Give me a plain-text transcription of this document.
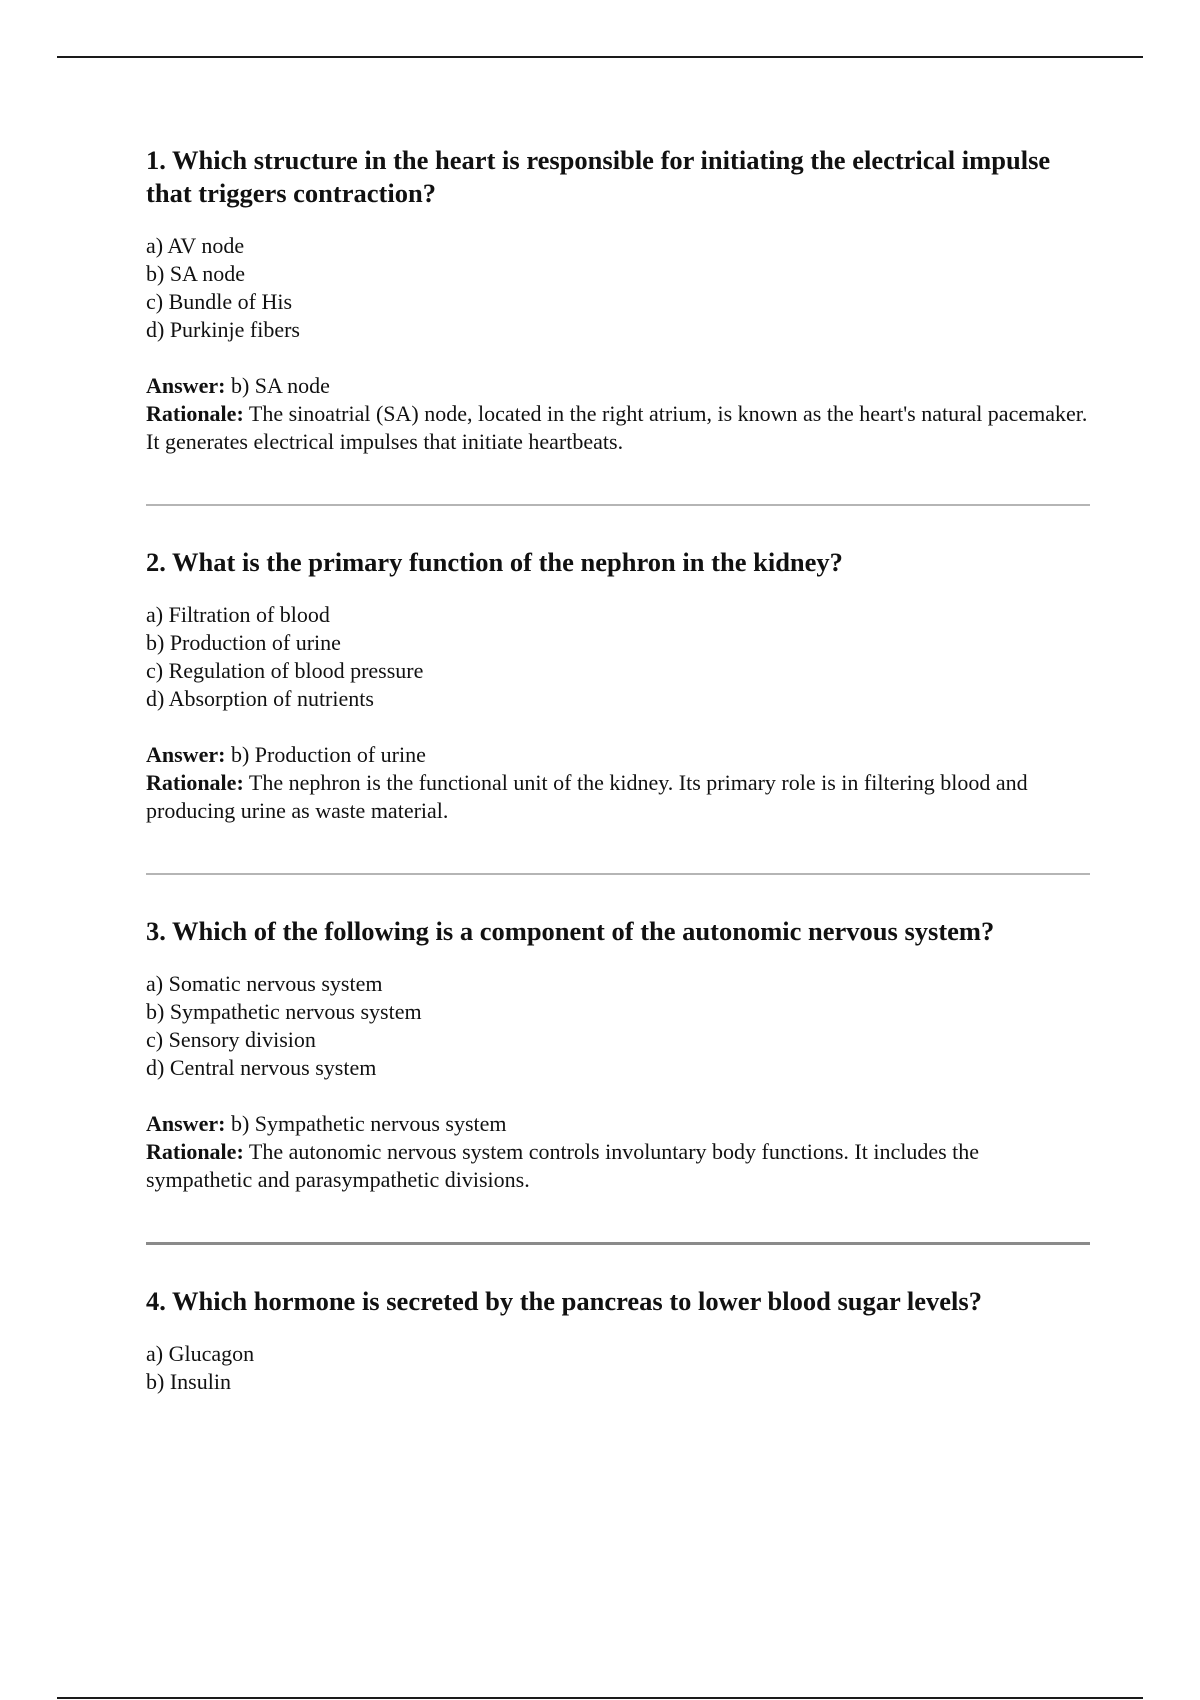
1. Which structure in the heart is responsible for initiating the electrical impulse that triggers contraction?

a) AV node
b) SA node
c) Bundle of His
d) Purkinje fibers
Answer: b) SA node
Rationale: The sinoatrial (SA) node, located in the right atrium, is known as the heart's natural pacemaker. It generates electrical impulses that initiate heartbeats.

2. What is the primary function of the nephron in the kidney?

a) Filtration of blood
b) Production of urine
c) Regulation of blood pressure
d) Absorption of nutrients
Answer: b) Production of urine
Rationale: The nephron is the functional unit of the kidney. Its primary role is in filtering blood and producing urine as waste material.

3. Which of the following is a component of the autonomic nervous system?

a) Somatic nervous system
b) Sympathetic nervous system
c) Sensory division
d) Central nervous system
Answer: b) Sympathetic nervous system
Rationale: The autonomic nervous system controls involuntary body functions. It includes the sympathetic and parasympathetic divisions.

4. Which hormone is secreted by the pancreas to lower blood sugar levels?

a) Glucagon
b) Insulin
